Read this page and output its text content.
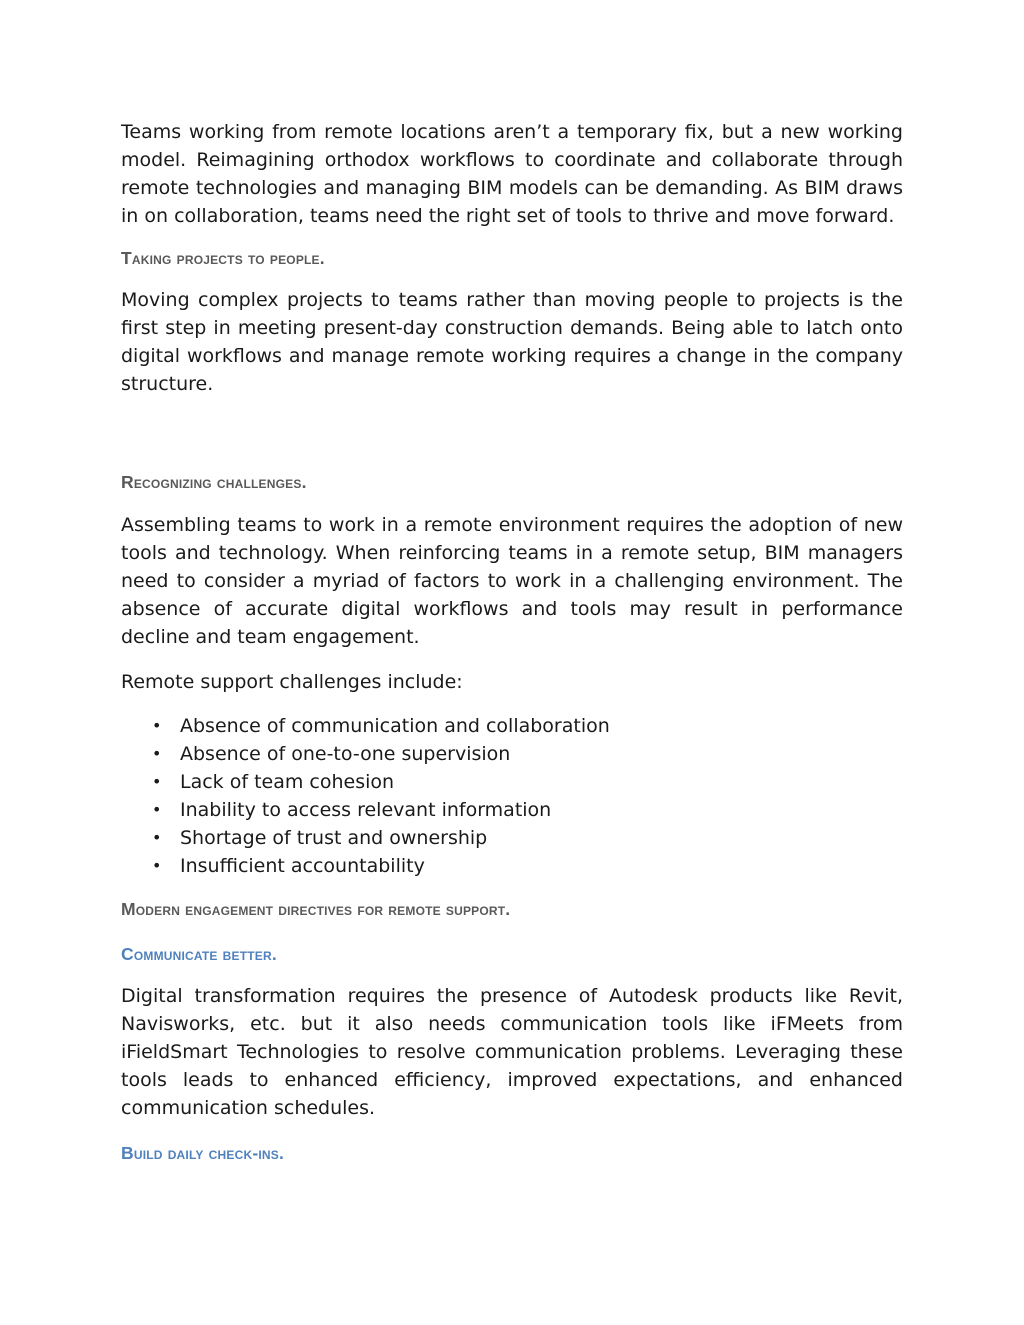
Teams working from remote locations aren’t a temporary fix, but a new working model. Reimagining orthodox workflows to coordinate and collaborate through remote technologies and managing BIM models can be demanding. As BIM draws in on collaboration, teams need the right set of tools to thrive and move forward.

Taking projects to people.

Moving complex projects to teams rather than moving people to projects is the first step in meeting present-day construction demands. Being able to latch onto digital workflows and manage remote working requires a change in the company structure.

Recognizing challenges.

Assembling teams to work in a remote environment requires the adoption of new tools and technology. When reinforcing teams in a remote setup, BIM managers need to consider a myriad of factors to work in a challenging environment. The absence of accurate digital workflows and tools may result in performance decline and team engagement.

Remote support challenges include:

• Absence of communication and collaboration
• Absence of one-to-one supervision
• Lack of team cohesion
• Inability to access relevant information
• Shortage of trust and ownership
• Insufficient accountability
Modern engagement directives for remote support.
Communicate better.

Digital transformation requires the presence of Autodesk products like Revit, Navisworks, etc. but it also needs communication tools like iFMeets from iFieldSmart Technologies to resolve communication problems. Leveraging these tools leads to enhanced efficiency, improved expectations, and enhanced communication schedules.

Build daily check-ins.
